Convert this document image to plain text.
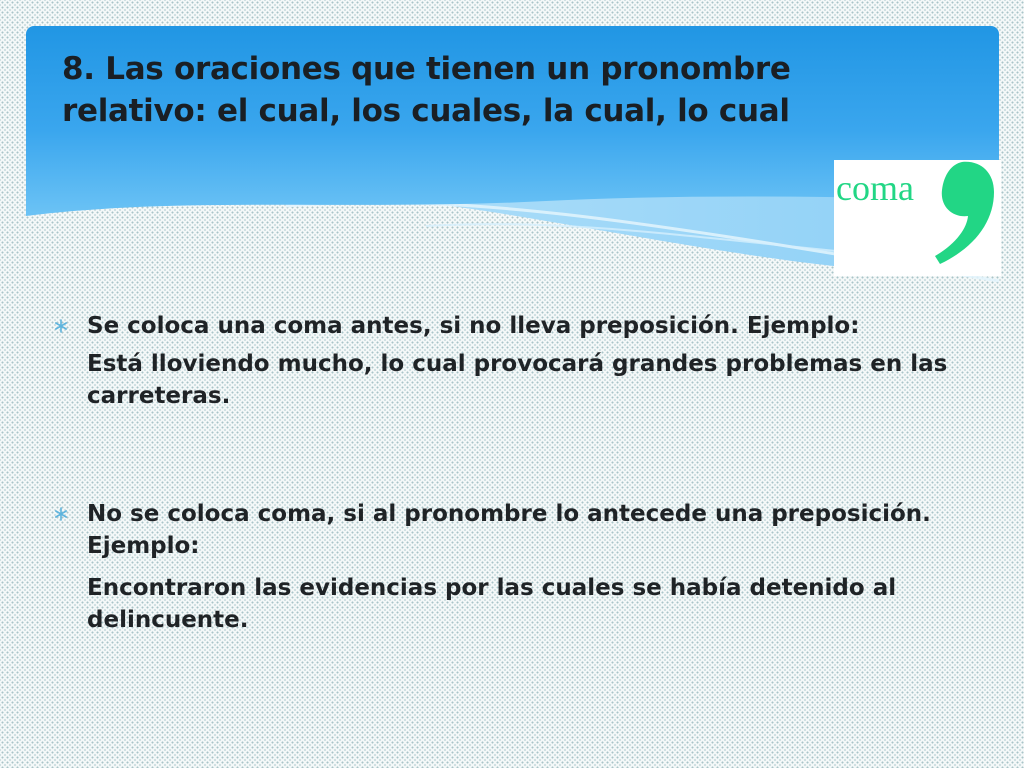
8. Las oraciones que tienen un pronombre relativo: el cual, los cuales, la cual, lo cual
coma

Se coloca una coma antes, si no lleva preposición. Ejemplo:

Está lloviendo mucho, lo cual provocará grandes problemas en las carreteras.

No se coloca coma, si al pronombre lo antecede una preposición. Ejemplo:

Encontraron las evidencias por las cuales se había detenido al delincuente.
